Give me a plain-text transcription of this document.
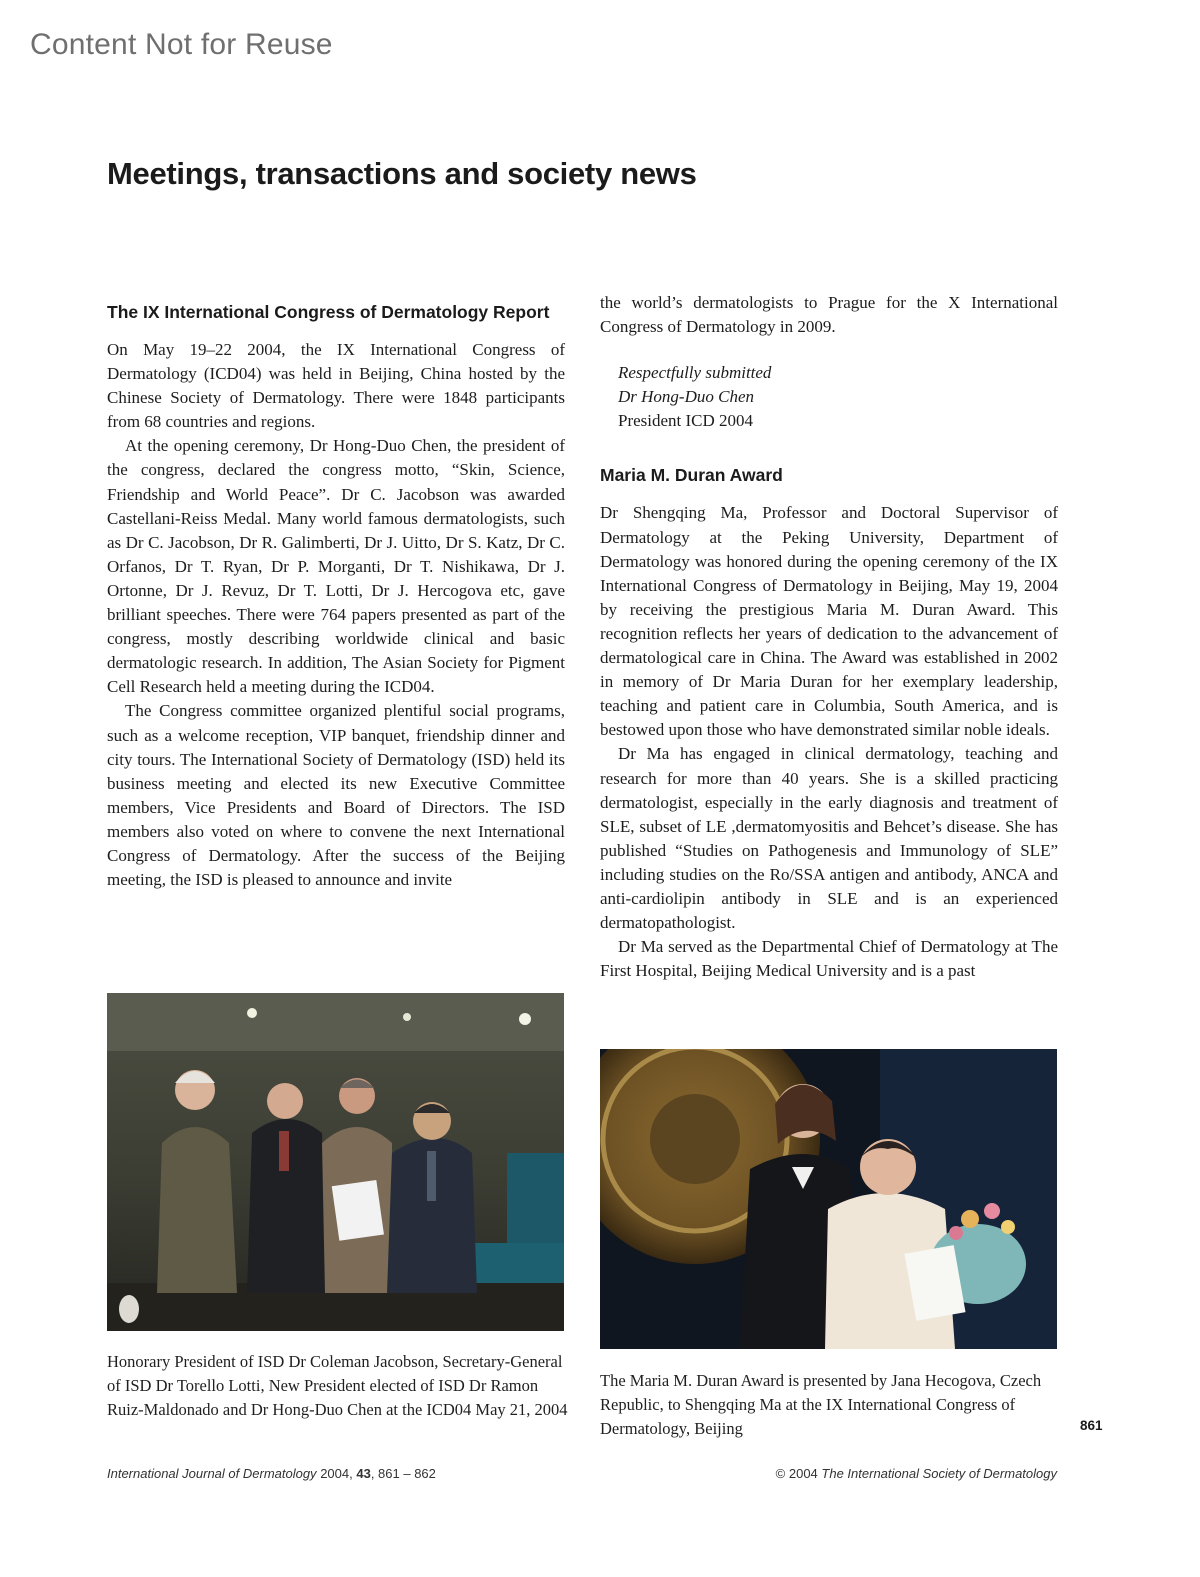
Content Not for Reuse
Meetings, transactions and society news
The IX International Congress of Dermatology Report

On May 19–22 2004, the IX International Congress of Dermatology (ICD04) was held in Beijing, China hosted by the Chinese Society of Dermatology. There were 1848 participants from 68 countries and regions.

At the opening ceremony, Dr Hong-Duo Chen, the president of the congress, declared the congress motto, “Skin, Science, Friendship and World Peace”. Dr C. Jacobson was awarded Castellani-Reiss Medal. Many world famous dermatologists, such as Dr C. Jacobson, Dr R. Galimberti, Dr J. Uitto, Dr S. Katz, Dr C. Orfanos, Dr T. Ryan, Dr P. Morganti, Dr T. Nishikawa, Dr J. Ortonne, Dr J. Revuz, Dr T. Lotti, Dr J. Hercogova etc, gave brilliant speeches. There were 764 papers presented as part of the congress, mostly describing worldwide clinical and basic dermatologic research. In addition, The Asian Society for Pigment Cell Research held a meeting during the ICD04.

The Congress committee organized plentiful social programs, such as a welcome reception, VIP banquet, friendship dinner and city tours. The International Society of Dermatology (ISD) held its business meeting and elected its new Executive Committee members, Vice Presidents and Board of Directors. The ISD members also voted on where to convene the next International Congress of Dermatology. After the success of the Beijing meeting, the ISD is pleased to announce and invite

the world’s dermatologists to Prague for the X International Congress of Dermatology in 2009.

Respectfully submitted
Dr Hong-Duo Chen
President ICD 2004
Maria M. Duran Award

Dr Shengqing Ma, Professor and Doctoral Supervisor of Dermatology at the Peking University, Department of Dermatology was honored during the opening ceremony of the IX International Congress of Dermatology in Beijing, May 19, 2004 by receiving the prestigious Maria M. Duran Award. This recognition reflects her years of dedication to the advancement of dermatological care in China. The Award was established in 2002 in memory of Dr Maria Duran for her exemplary leadership, teaching and patient care in Columbia, South America, and is bestowed upon those who have demonstrated similar noble ideals.

Dr Ma has engaged in clinical dermatology, teaching and research for more than 40 years. She is a skilled practicing dermatologist, especially in the early diagnosis and treatment of SLE, subset of LE ,dermatomyositis and Behcet’s disease. She has published “Studies on Pathogenesis and Immunology of SLE” including studies on the Ro/SSA antigen and antibody, ANCA and anti-cardiolipin antibody in SLE and is an experienced dermatopathologist.

Dr Ma served as the Departmental Chief of Dermatology at The First Hospital, Beijing Medical University and is a past

Honorary President of ISD Dr Coleman Jacobson, Secretary-General of ISD Dr Torello Lotti, New President elected of ISD Dr Ramon Ruiz-Maldonado and Dr Hong-Duo Chen at the ICD04 May 21, 2004
The Maria M. Duran Award is presented by Jana Hecogova, Czech Republic, to Shengqing Ma at the IX International Congress of Dermatology, Beijing	861
International Journal of Dermatology 2004, 43, 861 – 862	© 2004 The International Society of Dermatology
